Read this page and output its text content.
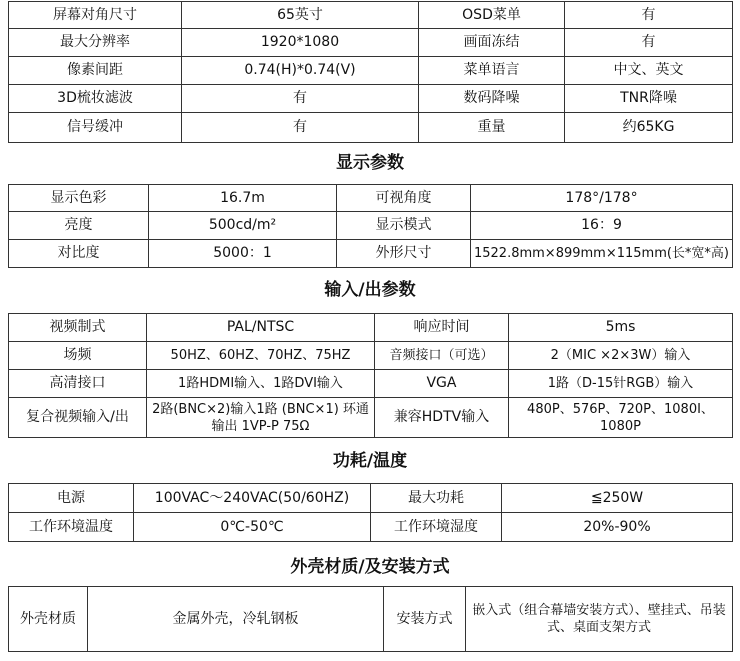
屏幕对角尺寸	65英寸	OSD菜单	有
最大分辨率	1920*1080	画面冻结	有
像素间距	0.74(H)*0.74(V)	菜单语言	中文、英文
3D梳妆滤波	有	数码降噪	TNR降噪
信号缓冲	有	重量	约65KG
显示参数
显示色彩	16.7m	可视角度	178°/178°
亮度	500cd/m²	显示模式	16：9
对比度	5000：1	外形尺寸	1522.8mm×899mm×115mm(长*宽*高)
输入/出参数
视频制式	PAL/NTSC	响应时间	5ms
场频	50HZ、60HZ、70HZ、75HZ	音频接口（可选）	2（MIC ×2×3W）输入
高清接口	1路HDMI输入、1路DVI输入	VGA	1路（D-15针RGB）输入
复合视频输入/出	2路(BNC×2)输入1路 (BNC×1) 环通输出 1VP-P 75Ω	兼容HDTV输入	480P、576P、720P、1080I、1080P
功耗/温度
电源	100VAC～240VAC(50/60HZ)	最大功耗	≦250W
工作环境温度	0℃-50℃	工作环境湿度	20%-90%
外壳材质/及安装方式
外壳材质	金属外壳，冷轧钢板	安装方式	嵌入式（组合幕墙安装方式）、壁挂式、吊装式、桌面支架方式
